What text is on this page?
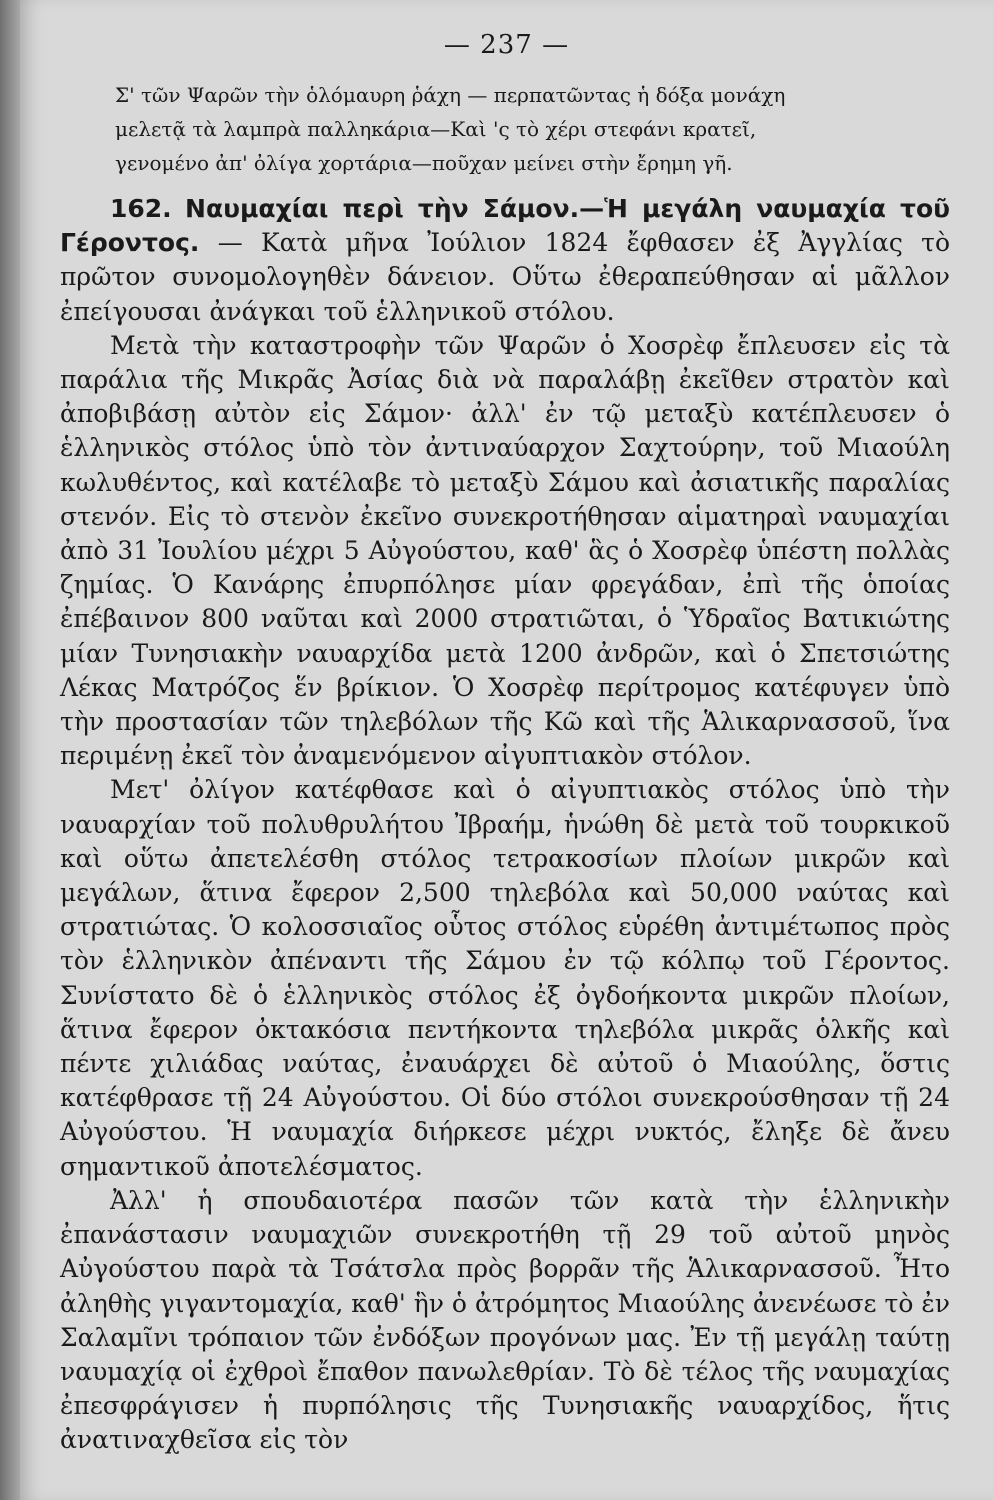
— 237 —
Σ' τῶν Ψαρῶν τὴν ὁλόμαυρη ῥάχη — περπατῶντας ἡ δόξα μονάχη
μελετᾷ τὰ λαμπρὰ παλληκάρια—Καὶ 'ς τὸ χέρι στεφάνι κρατεῖ,
γενομένο ἀπ' ὀλίγα χορτάρια—ποῦχαν μείνει στὴν ἔρημη γῆ.

162. Ναυμαχίαι περὶ τὴν Σάμον.—Ἡ μεγάλη ναυμαχία τοῦ Γέροντος. — Κατὰ μῆνα Ἰούλιον 1824 ἔφθασεν ἐξ Ἀγγλίας τὸ πρῶτον συνομολογηθὲν δάνειον. Οὕτω ἐθεραπεύθησαν αἱ μᾶλλον ἐπείγουσαι ἀνάγκαι τοῦ ἑλληνικοῦ στόλου.

Μετὰ τὴν καταστροφὴν τῶν Ψαρῶν ὁ Χοσρὲφ ἔπλευσεν εἰς τὰ παράλια τῆς Μικρᾶς Ἀσίας διὰ νὰ παραλάβῃ ἐκεῖθεν στρατὸν καὶ ἀποβιβάσῃ αὐτὸν εἰς Σάμον· ἀλλ' ἐν τῷ μεταξὺ κατέπλευσεν ὁ ἑλληνικὸς στόλος ὑπὸ τὸν ἀντιναύαρχον Σαχτούρην, τοῦ Μιαούλη κωλυθέντος, καὶ κατέλαβε τὸ μεταξὺ Σάμου καὶ ἀσιατικῆς παραλίας στενόν. Εἰς τὸ στενὸν ἐκεῖνο συνεκροτήθησαν αἱματηραὶ ναυμαχίαι ἀπὸ 31 Ἰουλίου μέχρι 5 Αὐγούστου, καθ' ἃς ὁ Χοσρὲφ ὑπέστη πολλὰς ζημίας. Ὁ Κανάρης ἐπυρπόλησε μίαν φρεγάδαν, ἐπὶ τῆς ὁποίας ἐπέβαινον 800 ναῦται καὶ 2000 στρατιῶται, ὁ Ὑδραῖος Βατικιώτης μίαν Τυνησιακὴν ναυαρχίδα μετὰ 1200 ἀνδρῶν, καὶ ὁ Σπετσιώτης Λέκας Ματρόζος ἕν βρίκιον. Ὁ Χοσρὲφ περίτρομος κατέφυγεν ὑπὸ τὴν προστασίαν τῶν τηλεβόλων τῆς Κῶ καὶ τῆς Ἁλικαρνασσοῦ, ἵνα περιμένῃ ἐκεῖ τὸν ἀναμενόμενον αἰγυπτιακὸν στόλον.

Μετ' ὀλίγον κατέφθασε καὶ ὁ αἰγυπτιακὸς στόλος ὑπὸ τὴν ναυαρχίαν τοῦ πολυθρυλήτου Ἰβραήμ, ἡνώθη δὲ μετὰ τοῦ τουρκικοῦ καὶ οὕτω ἀπετελέσθη στόλος τετρακοσίων πλοίων μικρῶν καὶ μεγάλων, ἅτινα ἔφερον 2,500 τηλεβόλα καὶ 50,000 ναύτας καὶ στρατιώτας. Ὁ κολοσσιαῖος οὗτος στόλος εὑρέθη ἀντιμέτωπος πρὸς τὸν ἑλληνικὸν ἀπέναντι τῆς Σάμου ἐν τῷ κόλπῳ τοῦ Γέροντος. Συνίστατο δὲ ὁ ἑλληνικὸς στόλος ἐξ ὀγδοήκοντα μικρῶν πλοίων, ἅτινα ἔφερον ὀκτακόσια πεντήκοντα τηλεβόλα μικρᾶς ὁλκῆς καὶ πέντε χιλιάδας ναύτας, ἐναυάρχει δὲ αὐτοῦ ὁ Μιαούλης, ὅστις κατέφθρασε τῇ 24 Αὐγούστου. Οἱ δύο στόλοι συνεκρούσθησαν τῇ 24 Αὐγούστου. Ἡ ναυμαχία διήρκεσε μέχρι νυκτός, ἔληξε δὲ ἄνευ σημαντικοῦ ἀποτελέσματος.

Ἀλλ' ἡ σπουδαιοτέρα πασῶν τῶν κατὰ τὴν ἑλληνικὴν ἐπανάστασιν ναυμαχιῶν συνεκροτήθη τῇ 29 τοῦ αὐτοῦ μηνὸς Αὐγούστου παρὰ τὰ Τσάτσλα πρὸς βορρᾶν τῆς Ἁλικαρνασσοῦ. Ἦτο ἀληθὴς γιγαντομαχία, καθ' ἣν ὁ ἀτρόμητος Μιαούλης ἀνενέωσε τὸ ἐν Σαλαμῖνι τρόπαιον τῶν ἐνδόξων προγόνων μας. Ἐν τῇ μεγάλῃ ταύτῃ ναυμαχίᾳ οἱ ἐχθροὶ ἔπαθον πανωλεθρίαν. Τὸ δὲ τέλος τῆς ναυμαχίας ἐπεσφράγισεν ἡ πυρπόλησις τῆς Τυνησιακῆς ναυαρχίδος, ἥτις ἀνατιναχθεῖσα εἰς τὸν
